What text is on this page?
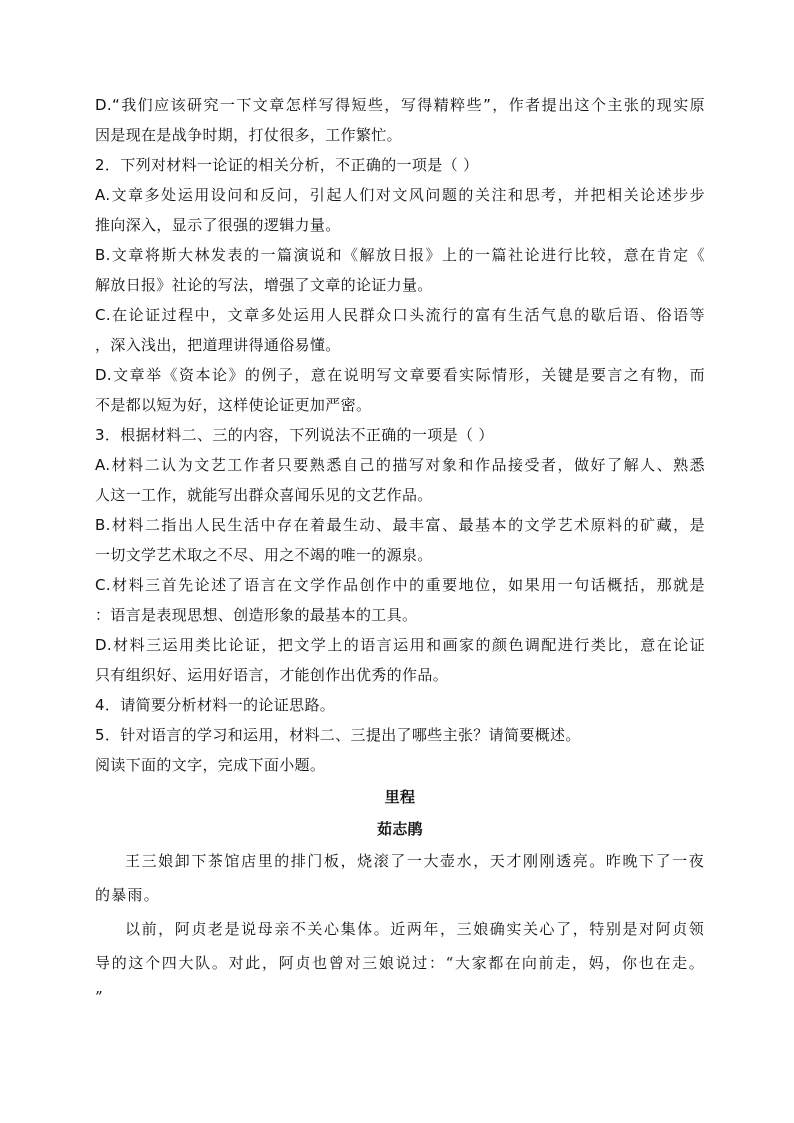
D.“我们应该研究一下文章怎样写得短些，写得精粹些”，作者提出这个主张的现实原
因是现在是战争时期，打仗很多，工作繁忙。
2．下列对材料一论证的相关分析，不正确的一项是（ ）
A.文章多处运用设问和反问，引起人们对文风问题的关注和思考，并把相关论述步步
推向深入，显示了很强的逻辑力量。
B.文章将斯大林发表的一篇演说和《解放日报》上的一篇社论进行比较，意在肯定《
解放日报》社论的写法，增强了文章的论证力量。
C.在论证过程中，文章多处运用人民群众口头流行的富有生活气息的歇后语、俗语等
，深入浅出，把道理讲得通俗易懂。
D.文章举《资本论》的例子，意在说明写文章要看实际情形，关键是要言之有物，而
不是都以短为好，这样使论证更加严密。
3．根据材料二、三的内容，下列说法不正确的一项是（ ）
A.材料二认为文艺工作者只要熟悉自己的描写对象和作品接受者，做好了解人、熟悉
人这一工作，就能写出群众喜闻乐见的文艺作品。
B.材料二指出人民生活中存在着最生动、最丰富、最基本的文学艺术原料的矿藏，是
一切文学艺术取之不尽、用之不竭的唯一的源泉。
C.材料三首先论述了语言在文学作品创作中的重要地位，如果用一句话概括，那就是
：语言是表现思想、创造形象的最基本的工具。
D.材料三运用类比论证，把文学上的语言运用和画家的颜色调配进行类比，意在论证
只有组织好、运用好语言，才能创作出优秀的作品。
4．请简要分析材料一的论证思路。
5．针对语言的学习和运用，材料二、三提出了哪些主张？请简要概述。
阅读下面的文字，完成下面小题。
里程
茹志鹃
王三娘卸下茶馆店里的排门板，烧滚了一大壶水，天才刚刚透亮。昨晚下了一夜
的暴雨。
以前，阿贞老是说母亲不关心集体。近两年，三娘确实关心了，特别是对阿贞领
导的这个四大队。对此，阿贞也曾对三娘说过：“大家都在向前走，妈，你也在走。
”
